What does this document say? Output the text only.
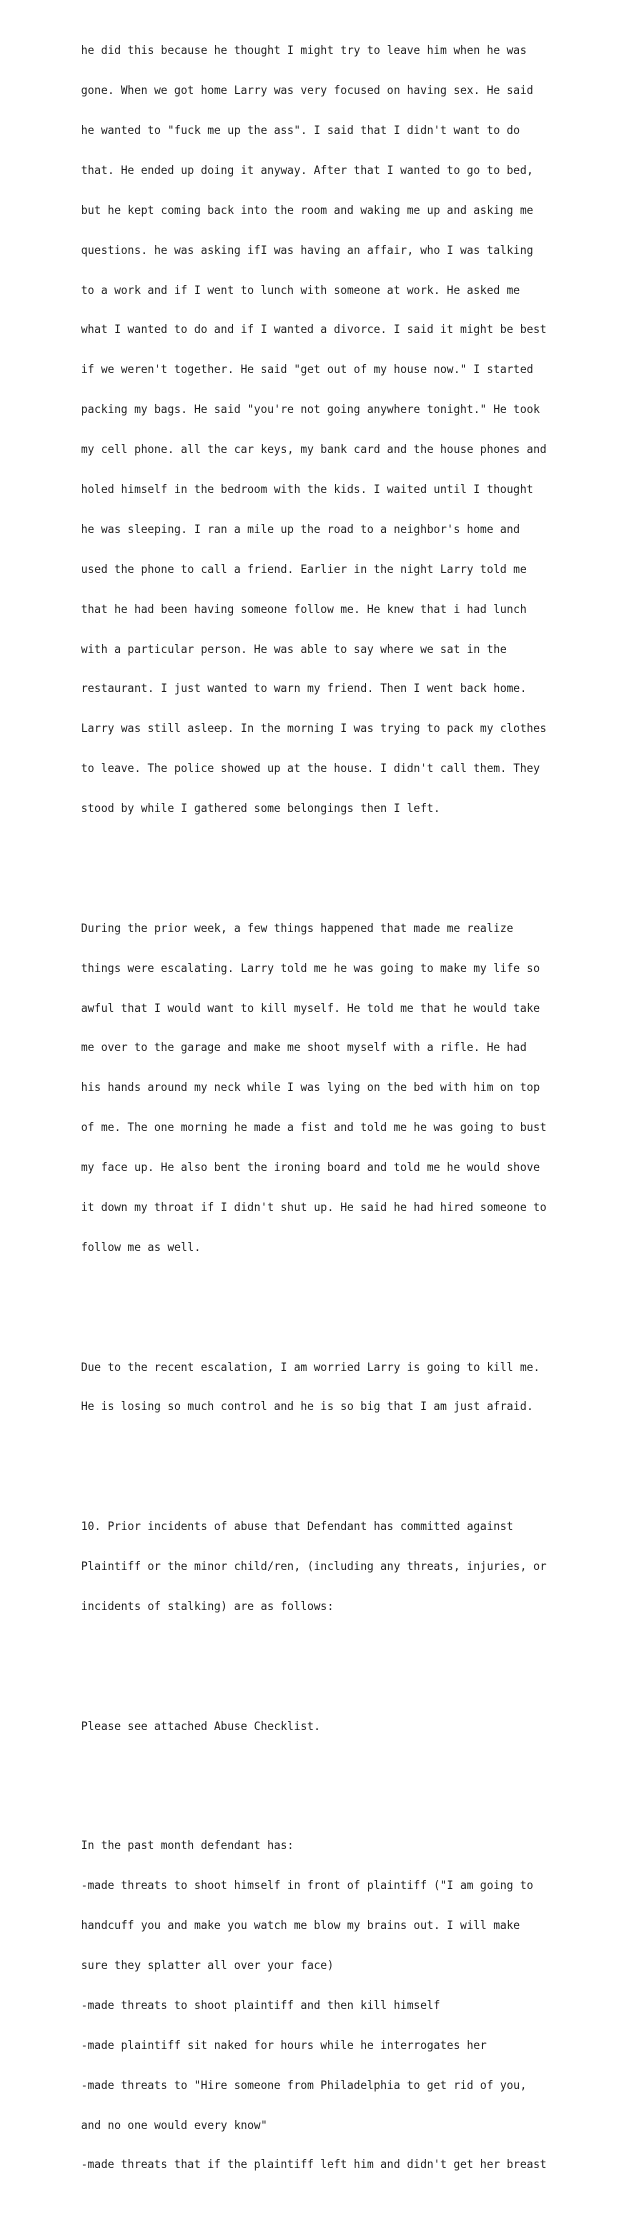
he did this because he thought I might try to leave him when he was

gone. When we got home Larry was very focused on having sex. He said

he wanted to "fuck me up the ass". I said that I didn't want to do

that. He ended up doing it anyway. After that I wanted to go to bed,

but he kept coming back into the room and waking me up and asking me

questions. he was asking ifI was having an affair, who I was talking

to a work and if I went to lunch with someone at work. He asked me

what I wanted to do and if I wanted a divorce. I said it might be best

if we weren't together. He said "get out of my house now." I started

packing my bags. He said "you're not going anywhere tonight." He took

my cell phone. all the car keys, my bank card and the house phones and

holed himself in the bedroom with the kids. I waited until I thought

he was sleeping. I ran a mile up the road to a neighbor's home and

used the phone to call a friend. Earlier in the night Larry told me

that he had been having someone follow me. He knew that i had lunch

with a particular person. He was able to say where we sat in the

restaurant. I just wanted to warn my friend. Then I went back home.

Larry was still asleep. In the morning I was trying to pack my clothes

to leave. The police showed up at the house. I didn't call them. They

stood by while I gathered some belongings then I left.

During the prior week, a few things happened that made me realize

things were escalating. Larry told me he was going to make my life so

awful that I would want to kill myself. He told me that he would take

me over to the garage and make me shoot myself with a rifle. He had

his hands around my neck while I was lying on the bed with him on top

of me. The one morning he made a fist and told me he was going to bust

my face up. He also bent the ironing board and told me he would shove

it down my throat if I didn't shut up. He said he had hired someone to

follow me as well.

Due to the recent escalation, I am worried Larry is going to kill me.

He is losing so much control and he is so big that I am just afraid.

10. Prior incidents of abuse that Defendant has committed against

Plaintiff or the minor child/ren, (including any threats, injuries, or

incidents of stalking) are as follows:

Please see attached Abuse Checklist.

In the past month defendant has:

-made threats to shoot himself in front of plaintiff ("I am going to

handcuff you and make you watch me blow my brains out. I will make

sure they splatter all over your face)

-made threats to shoot plaintiff and then kill himself

-made plaintiff sit naked for hours while he interrogates her

-made threats to "Hire someone from Philadelphia to get rid of you,

and no one would every know"

-made threats that if the plaintiff left him and didn't get her breast
